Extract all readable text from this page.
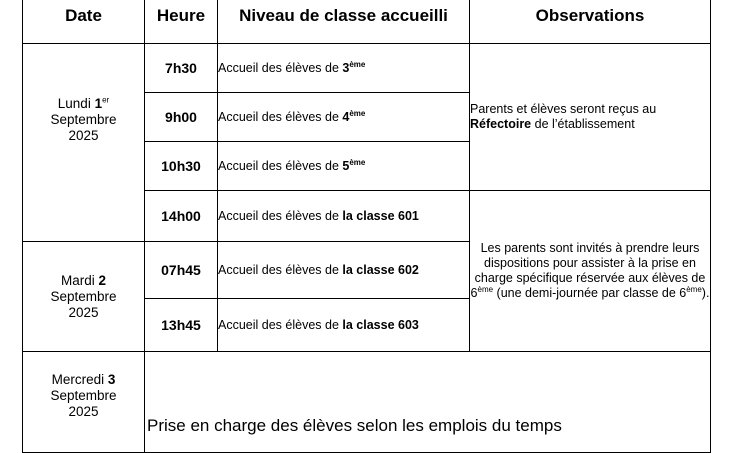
Date	Heure	Niveau de classe accueilli	Observations

Lundi 1er
Septembre
2025	7h30	Accueil des élèves de 3ème	Parents et élèves seront reçus au
Réfectoire de l’établissement
	9h00	Accueil des élèves de 4ème
	10h30	Accueil des élèves de 5ème
	14h00	Accueil des élèves de la classe 601	Les parents sont invités à prendre leurs dispositions pour assister à la prise en charge spécifique réservée aux élèves de 6ème (une demi-journée par classe de 6ème).
Mardi 2
Septembre
2025	07h45	Accueil des élèves de la classe 602	
	13h45	Accueil des élèves de la classe 603	
Mercredi 3
Septembre
2025	Prise en charge des élèves selon les emplois du temps		
